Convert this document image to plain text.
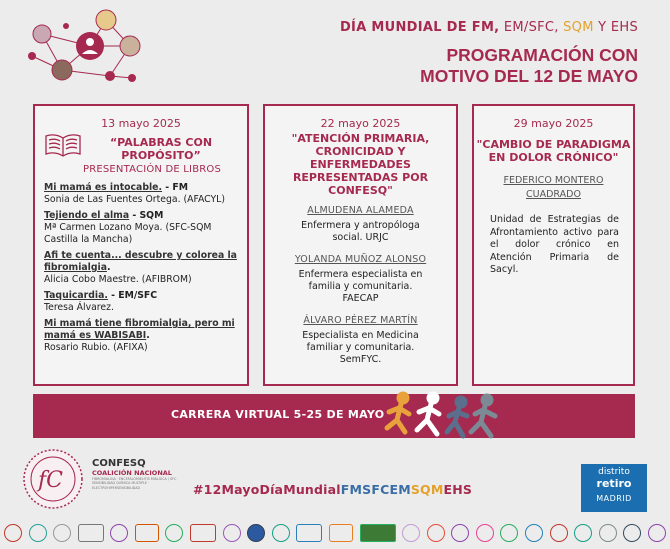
DÍA MUNDIAL DE FM, EM/SFC, SQM Y EHS
PROGRAMACIÓN CON
MOTIVO DEL 12 DE MAYO
13 mayo 2025
“PALABRAS CON
PROPÓSITO”
PRESENTACIÓN DE LIBROS
Mi mamá es intocable. - FM
Sonia de Las Fuentes Ortega. (AFACYL)
Tejiendo el alma - SQM
Mª Carmen Lozano Moya. (SFC-SQM Castilla la Mancha)
Afi te cuenta... descubre y colorea la fibromialgia.
Alicia Cobo Maestre. (AFIBROM)
Taquicardia. - EM/SFC
Teresa Álvarez.
Mi mamá tiene fibromialgia, pero mi mamá es WABISABI.
Rosario Rubio. (AFIXA)
22 mayo 2025
"ATENCIÓN PRIMARIA,
CRONICIDAD Y ENFERMEDADES
REPRESENTADAS POR
CONFESQ"
ALMUDENA ALAMEDA
Enfermera y antropóloga
social. URJC
YOLANDA MUÑOZ ALONSO
Enfermera especialista en
familia y comunitaria.
FAECAP
ÁLVARO PÉREZ MARTÍN
Especialista en Medicina
familiar y comunitaria.
SemFYC.
29 mayo 2025
"CAMBIO DE PARADIGMA
EN DOLOR CRÓNICO"
FEDERICO MONTERO
CUADRADO
Unidad de Estrategias de Afrontamiento activo para el dolor crónico en Atención Primaria de Sacyl.
CARRERA VIRTUAL 5-25 DE MAYO
fC
CONFESQ
COALICIÓN NACIONAL
FIBROMIALGIA · ENCEFALOMIELITIS MIÁLGICA / SFC · SENSIBILIDAD QUÍMICA MÚLTIPLE · ELECTROHIPERSENSIBILIDAD	#12MayoDíaMundialFMSFCEMSQMEHS
distrito
retiro
MADRID
